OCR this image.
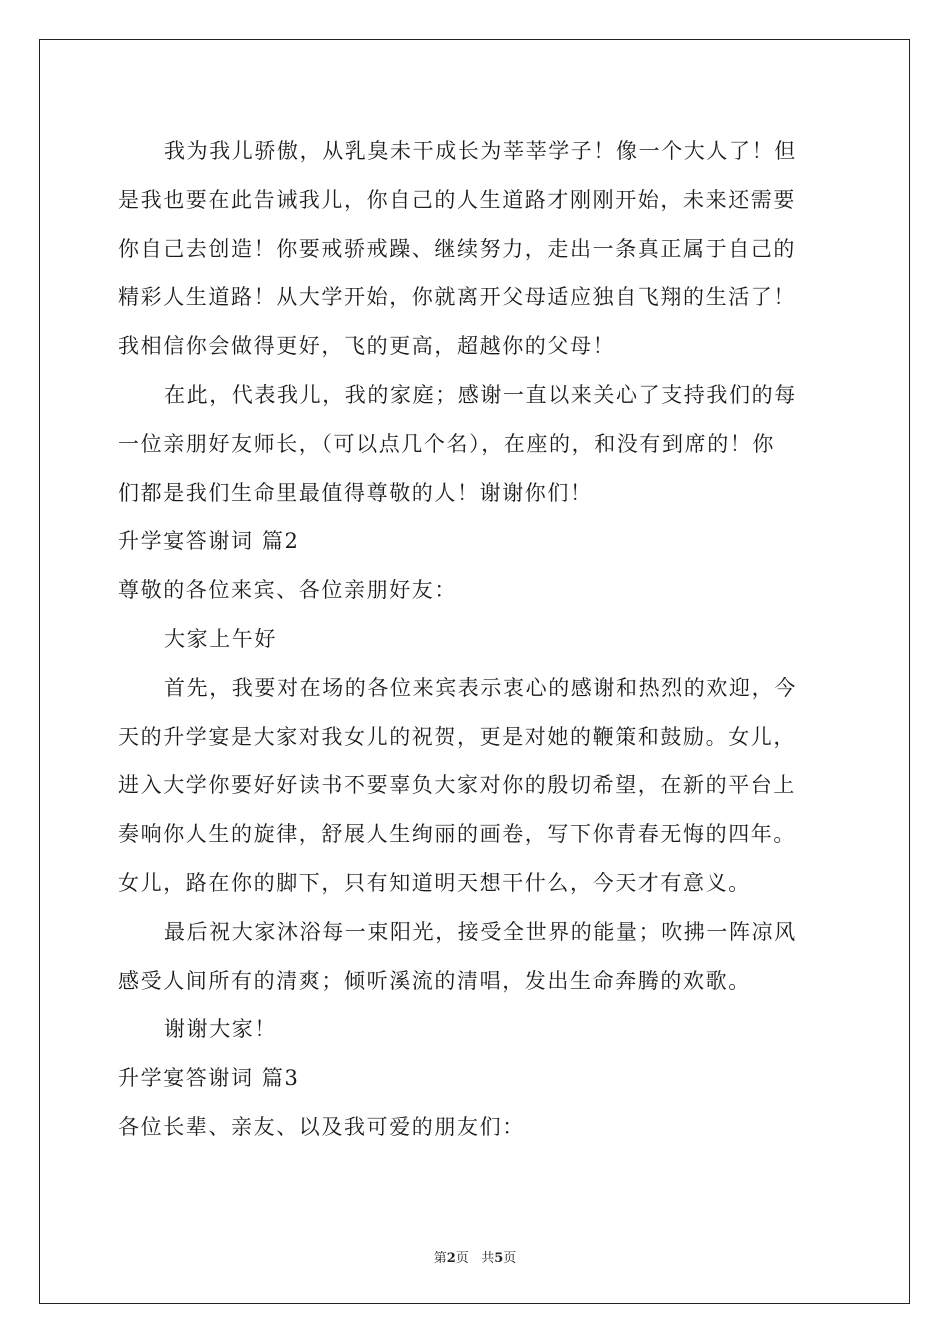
我为我儿骄傲，从乳臭未干成长为莘莘学子！像一个大人了！但
是我也要在此告诫我儿，你自己的人生道路才刚刚开始，未来还需要
你自己去创造！你要戒骄戒躁、继续努力，走出一条真正属于自己的
精彩人生道路！从大学开始，你就离开父母适应独自飞翔的生活了！
我相信你会做得更好，飞的更高，超越你的父母！
在此，代表我儿，我的家庭；感谢一直以来关心了支持我们的每
一位亲朋好友师长，（可以点几个名），在座的，和没有到席的！你
们都是我们生命里最值得尊敬的人！谢谢你们！
升学宴答谢词 篇2
尊敬的各位来宾、各位亲朋好友：
大家上午好
首先，我要对在场的各位来宾表示衷心的感谢和热烈的欢迎，今
天的升学宴是大家对我女儿的祝贺，更是对她的鞭策和鼓励。女儿，
进入大学你要好好读书不要辜负大家对你的殷切希望，在新的平台上
奏响你人生的旋律，舒展人生绚丽的画卷，写下你青春无悔的四年。
女儿，路在你的脚下，只有知道明天想干什么，今天才有意义。
最后祝大家沐浴每一束阳光，接受全世界的能量；吹拂一阵凉风
感受人间所有的清爽；倾听溪流的清唱，发出生命奔腾的欢歌。
谢谢大家！
升学宴答谢词 篇3
各位长辈、亲友、以及我可爱的朋友们：
第2页 共5页
